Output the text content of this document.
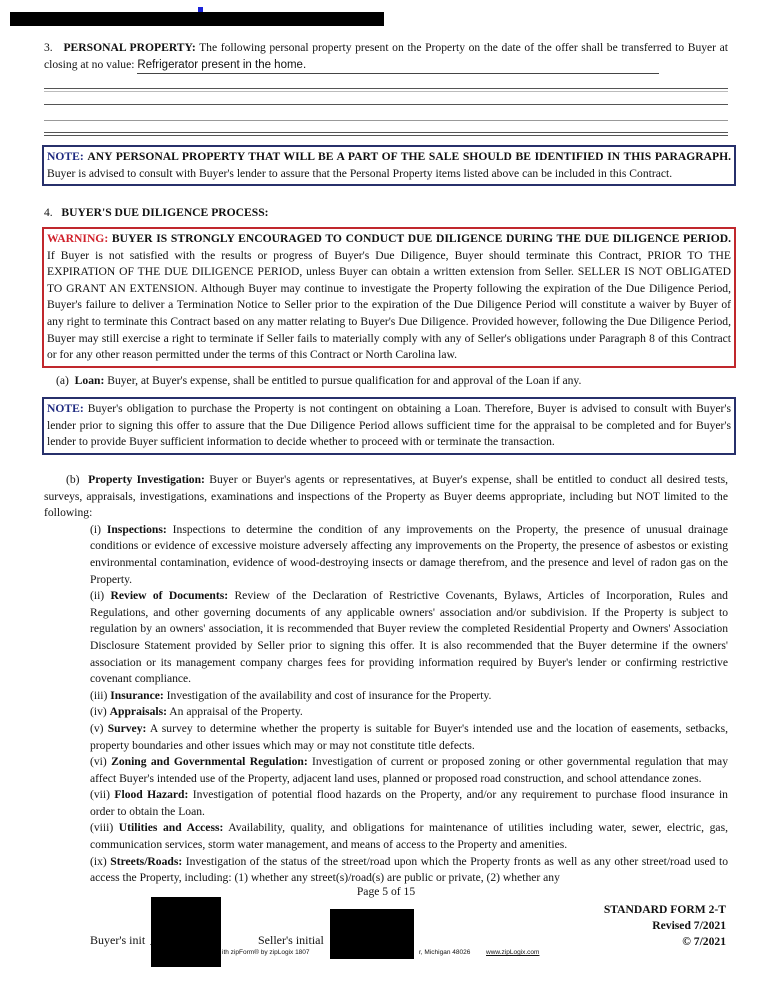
3. PERSONAL PROPERTY: The following personal property present on the Property on the date of the offer shall be transferred to Buyer at closing at no value: Refrigerator present in the home.
NOTE: ANY PERSONAL PROPERTY THAT WILL BE A PART OF THE SALE SHOULD BE IDENTIFIED IN THIS PARAGRAPH. Buyer is advised to consult with Buyer's lender to assure that the Personal Property items listed above can be included in this Contract.
4. BUYER'S DUE DILIGENCE PROCESS:
WARNING: BUYER IS STRONGLY ENCOURAGED TO CONDUCT DUE DILIGENCE DURING THE DUE DILIGENCE PERIOD. If Buyer is not satisfied with the results or progress of Buyer's Due Diligence, Buyer should terminate this Contract, PRIOR TO THE EXPIRATION OF THE DUE DILIGENCE PERIOD, unless Buyer can obtain a written extension from Seller. SELLER IS NOT OBLIGATED TO GRANT AN EXTENSION. Although Buyer may continue to investigate the Property following the expiration of the Due Diligence Period, Buyer's failure to deliver a Termination Notice to Seller prior to the expiration of the Due Diligence Period will constitute a waiver by Buyer of any right to terminate this Contract based on any matter relating to Buyer's Due Diligence. Provided however, following the Due Diligence Period, Buyer may still exercise a right to terminate if Seller fails to materially comply with any of Seller's obligations under Paragraph 8 of this Contract or for any other reason permitted under the terms of this Contract or North Carolina law.
(a) Loan: Buyer, at Buyer's expense, shall be entitled to pursue qualification for and approval of the Loan if any.
NOTE: Buyer's obligation to purchase the Property is not contingent on obtaining a Loan. Therefore, Buyer is advised to consult with Buyer's lender prior to signing this offer to assure that the Due Diligence Period allows sufficient time for the appraisal to be completed and for Buyer's lender to provide Buyer sufficient information to decide whether to proceed with or terminate the transaction.
(b) Property Investigation: Buyer or Buyer's agents or representatives, at Buyer's expense, shall be entitled to conduct all desired tests, surveys, appraisals, investigations, examinations and inspections of the Property as Buyer deems appropriate, including but NOT limited to the following:
(i) Inspections: Inspections to determine the condition of any improvements on the Property, the presence of unusual drainage conditions or evidence of excessive moisture adversely affecting any improvements on the Property, the presence of asbestos or existing environmental contamination, evidence of wood-destroying insects or damage therefrom, and the presence and level of radon gas on the Property.
(ii) Review of Documents: Review of the Declaration of Restrictive Covenants, Bylaws, Articles of Incorporation, Rules and Regulations, and other governing documents of any applicable owners' association and/or subdivision. If the Property is subject to regulation by an owners' association, it is recommended that Buyer review the completed Residential Property and Owners' Association Disclosure Statement provided by Seller prior to signing this offer. It is also recommended that the Buyer determine if the owners' association or its management company charges fees for providing information required by Buyer's lender or confirming restrictive covenant compliance.
(iii) Insurance: Investigation of the availability and cost of insurance for the Property.
(iv) Appraisals: An appraisal of the Property.
(v) Survey: A survey to determine whether the property is suitable for Buyer's intended use and the location of easements, setbacks, property boundaries and other issues which may or may not constitute title defects.
(vi) Zoning and Governmental Regulation: Investigation of current or proposed zoning or other governmental regulation that may affect Buyer's intended use of the Property, adjacent land uses, planned or proposed road construction, and school attendance zones.
(vii) Flood Hazard: Investigation of potential flood hazards on the Property, and/or any requirement to purchase flood insurance in order to obtain the Loan.
(viii) Utilities and Access: Availability, quality, and obligations for maintenance of utilities including water, sewer, electric, gas, communication services, storm water management, and means of access to the Property and amenities.
(ix) Streets/Roads: Investigation of the status of the street/road upon which the Property fronts as well as any other street/road used to access the Property, including: (1) whether any street(s)/road(s) are public or private, (2) whether any
Page 5 of 15
STANDARD FORM 2-T
Revised 7/2021
© 7/2021
Buyer's init	Seller's initial
ith zipForm® by zipLogix 1807	r, Michigan 48026 www.zipLogix.com
